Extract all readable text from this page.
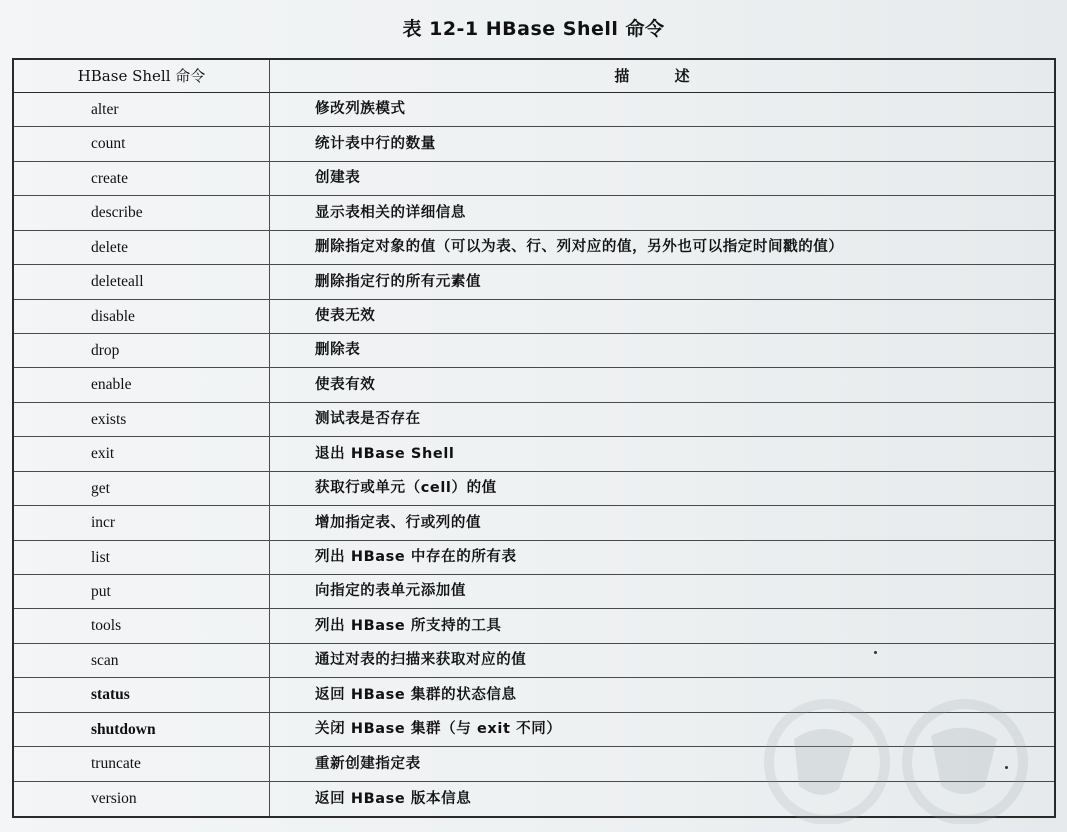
表 12-1 HBase Shell 命令
HBase Shell 命令	描 述
alter	修改列族模式
count	统计表中行的数量
create	创建表
describe	显示表相关的详细信息
delete	删除指定对象的值（可以为表、行、列对应的值，另外也可以指定时间戳的值）
deleteall	删除指定行的所有元素值
disable	使表无效
drop	删除表
enable	使表有效
exists	测试表是否存在
exit	退出 HBase Shell
get	获取行或单元（cell）的值
incr	增加指定表、行或列的值
list	列出 HBase 中存在的所有表
put	向指定的表单元添加值
tools	列出 HBase 所支持的工具
scan	通过对表的扫描来获取对应的值
status	返回 HBase 集群的状态信息
shutdown	关闭 HBase 集群（与 exit 不同）
truncate	重新创建指定表
version	返回 HBase 版本信息
